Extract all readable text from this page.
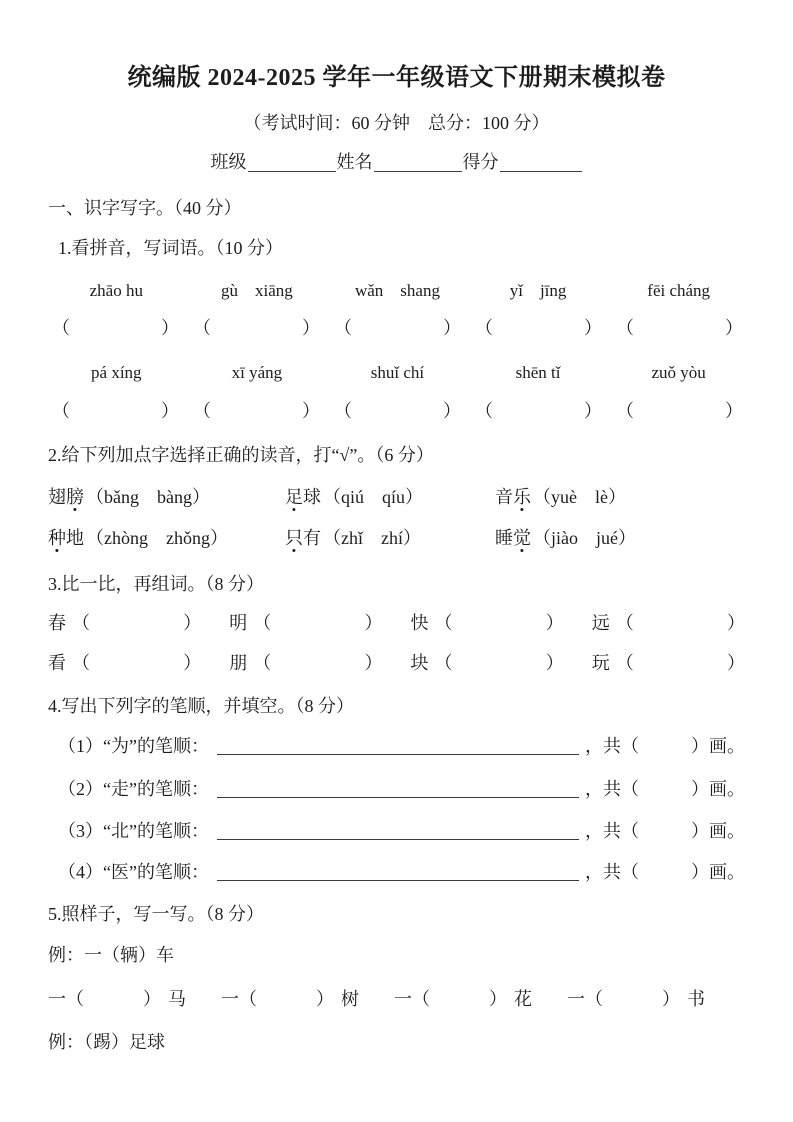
统编版 2024-2025 学年一年级语文下册期末模拟卷
（考试时间：60 分钟　总分：100 分）
班级	姓名	得分
一、识字写字。（40 分）
1.看拼音，写词语。（10 分）
zhāo hu	gù　xiāng	wǎn　shang	yǐ　jīng	fēi cháng
（	） （	） （	） （	） （	）
pá xíng	xī yáng	shuǐ chí	shēn tǐ	zuǒ yòu
（	） （	） （	） （	） （	）
2.给下列加点字选择正确的读音，打“√”。（6 分）
翅膀 （bǎng　bàng）	足球 （qiú　qíu）	音乐 （yuè　lè）
种地 （zhòng　zhǒng）	只有 （zhǐ　zhí）	睡觉 （jiào　jué）
3.比一比，再组词。（8 分）
春 （	） 明 （	） 快 （	） 远 （	）
看 （	） 朋 （	） 块 （	） 玩 （	）
4.写出下列字的笔顺，并填空。（8 分）
（1）“为”的笔顺：	，共（	）画。
（2）“走”的笔顺：	，共（	）画。
（3）“北”的笔顺：	，共（	）画。
（4）“医”的笔顺：	，共（	）画。
5.照样子，写一写。（8 分）
例：一（辆）车
一（	） 马 一（	） 树 一（	） 花 一（	） 书
例：（踢）足球
